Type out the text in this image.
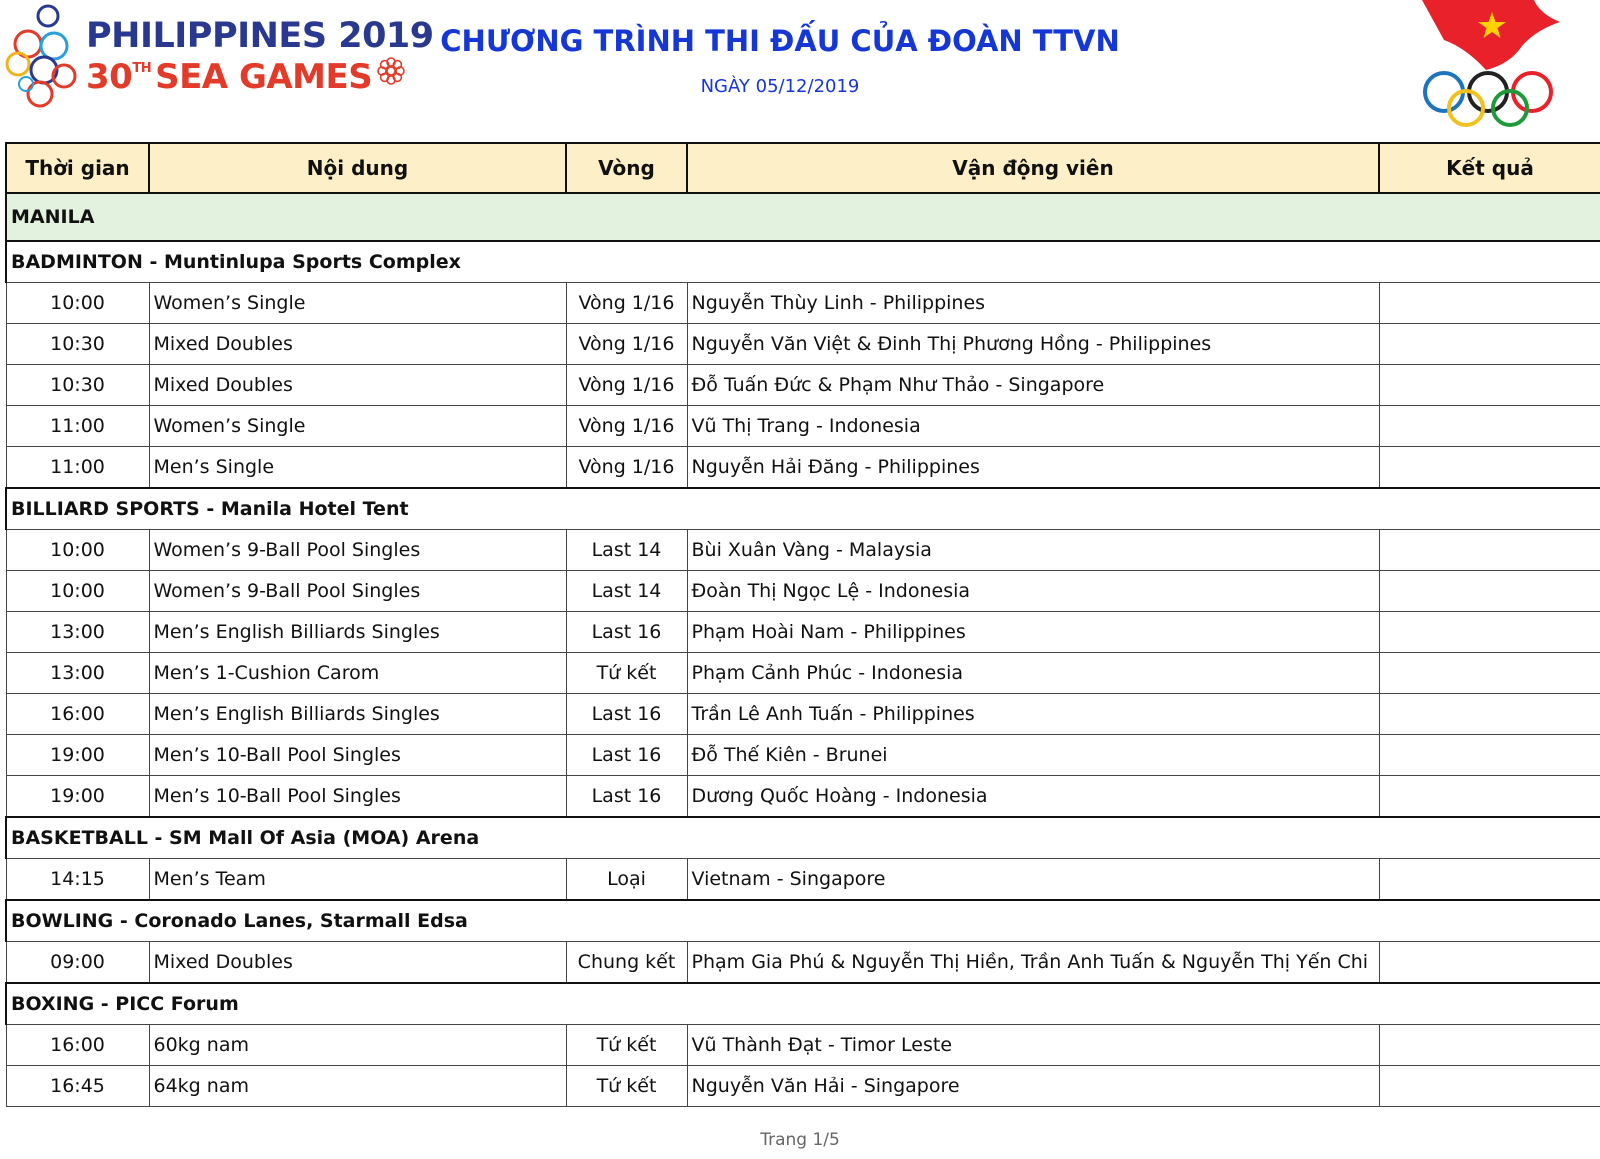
PHILIPPINES 2019
30TH SEA GAMES
CHƯƠNG TRÌNH THI ĐẤU CỦA ĐOÀN TTVN
NGÀY 05/12/2019
Thời gian	Nội dung	Vòng	Vận động viên	Kết quả
MANILA				
BADMINTON - Muntinlupa Sports Complex				
10:00	Women’s Single	Vòng 1/16	Nguyễn Thùy Linh - Philippines	
10:30	Mixed Doubles	Vòng 1/16	Nguyễn Văn Việt & Đinh Thị Phương Hồng - Philippines	
10:30	Mixed Doubles	Vòng 1/16	Đỗ Tuấn Đức & Phạm Như Thảo - Singapore	
11:00	Women’s Single	Vòng 1/16	Vũ Thị Trang - Indonesia	
11:00	Men’s Single	Vòng 1/16	Nguyễn Hải Đăng - Philippines	
BILLIARD SPORTS - Manila Hotel Tent				
10:00	Women’s 9-Ball Pool Singles	Last 14	Bùi Xuân Vàng - Malaysia	
10:00	Women’s 9-Ball Pool Singles	Last 14	Đoàn Thị Ngọc Lệ - Indonesia	
13:00	Men’s English Billiards Singles	Last 16	Phạm Hoài Nam - Philippines	
13:00	Men’s 1-Cushion Carom	Tứ kết	Phạm Cảnh Phúc - Indonesia	
16:00	Men’s English Billiards Singles	Last 16	Trần Lê Anh Tuấn - Philippines	
19:00	Men’s 10-Ball Pool Singles	Last 16	Đỗ Thế Kiên - Brunei	
19:00	Men’s 10-Ball Pool Singles	Last 16	Dương Quốc Hoàng - Indonesia	
BASKETBALL - SM Mall Of Asia (MOA) Arena				
14:15	Men’s Team	Loại	Vietnam - Singapore	
BOWLING - Coronado Lanes, Starmall Edsa				
09:00	Mixed Doubles	Chung kết	Phạm Gia Phú & Nguyễn Thị Hiền, Trần Anh Tuấn & Nguyễn Thị Yến Chi	
BOXING - PICC Forum				
16:00	60kg nam	Tứ kết	Vũ Thành Đạt - Timor Leste	
16:45	64kg nam	Tứ kết	Nguyễn Văn Hải - Singapore	
Trang 1/5
